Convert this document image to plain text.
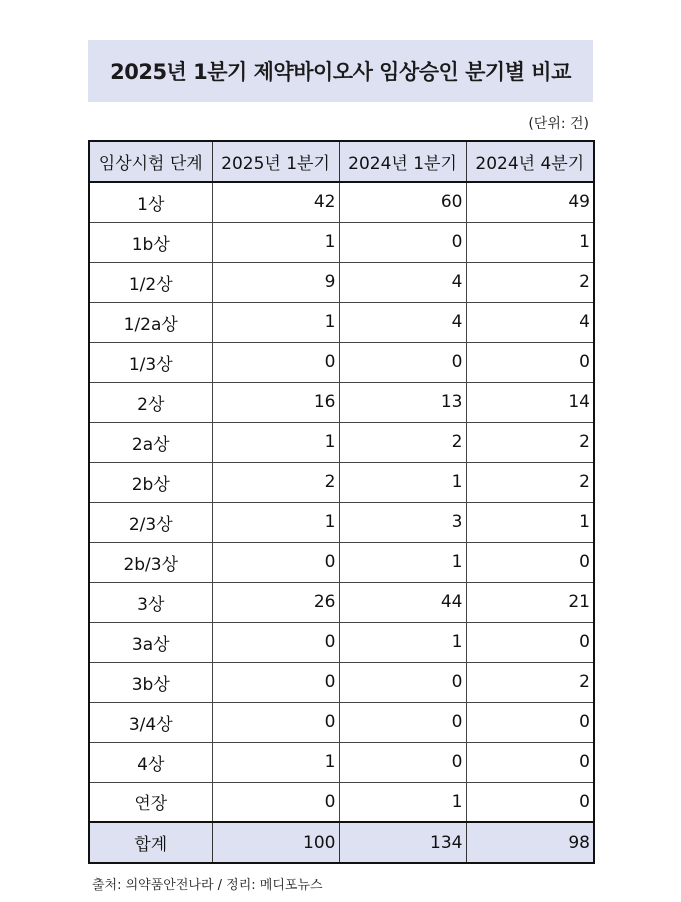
2025년 1분기 제약바이오사 임상승인 분기별 비교
(단위: 건)
임상시험 단계	2025년 1분기	2024년 1분기	2024년 4분기
1상	42	60	49
1b상	1	0	1
1/2상	9	4	2
1/2a상	1	4	4
1/3상	0	0	0
2상	16	13	14
2a상	1	2	2
2b상	2	1	2
2/3상	1	3	1
2b/3상	0	1	0
3상	26	44	21
3a상	0	1	0
3b상	0	0	2
3/4상	0	0	0
4상	1	0	0
연장	0	1	0
합계	100	134	98
출처: 의약품안전나라 / 정리: 메디포뉴스
